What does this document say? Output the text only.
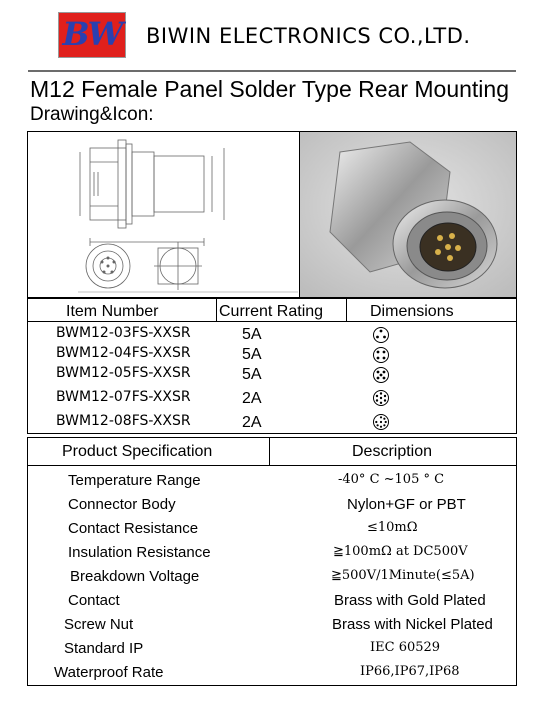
BW BIWIN ELECTRONICS CO.,LTD.
M12 Female Panel Solder Type Rear Mounting
Drawing&Icon:
Item Number	Current Rating	Dimensions
BWM12-03FS-XXSR	5A
BWM12-04FS-XXSR	5A
BWM12-05FS-XXSR	5A
BWM12-07FS-XXSR	2A
BWM12-08FS-XXSR	2A
Product Specification	Description
Temperature Range	-40° C ~105 ° C
Connector Body	Nylon+GF or PBT
Contact Resistance	≤10mΩ
Insulation Resistance	≧100mΩ at DC500V
Breakdown Voltage	≧500V/1Minute(≤5A)
Contact	Brass with Gold Plated
Screw Nut	Brass with Nickel Plated
Standard IP	IEC 60529
Waterproof Rate	IP66,IP67,IP68
